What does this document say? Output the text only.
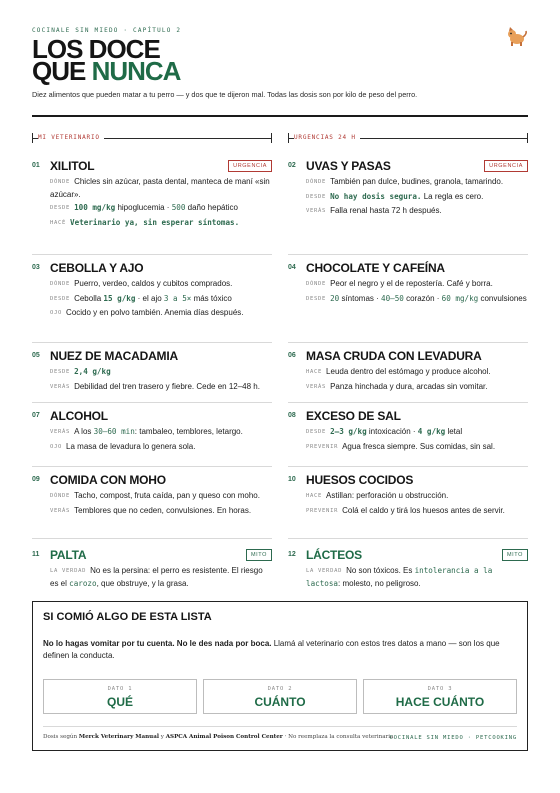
COCINALE SIN MIEDO · CAPÍTULO 2
LOS DOCE
QUE NUNCA
Diez alimentos que pueden matar a tu perro — y dos que te dijeron mal. Todas las dosis son por kilo de peso del perro.
MI VETERINARIO	URGENCIAS 24 H
01 XILITOL	URGENCIA
DÓNDE Chicles sin azúcar, pasta dental, manteca de maní «sin azúcar».
DESDE 100 mg/kg hipoglucemia · 500 daño hepático
HACÉ Veterinario ya, sin esperar síntomas.
02 UVAS Y PASAS	URGENCIA
DÓNDE También pan dulce, budines, granola, tamarindo.
DESDE No hay dosis segura. La regla es cero.
VERÁS Falla renal hasta 72 h después.
03 CEBOLLA Y AJO
DÓNDE Puerro, verdeo, caldos y cubitos comprados.
DESDE Cebolla 15 g/kg · el ajo 3 a 5× más tóxico
OJO Cocido y en polvo también. Anemia días después.
04 CHOCOLATE Y CAFEÍNA
DÓNDE Peor el negro y el de repostería. Café y borra.
DESDE 20 síntomas · 40–50 corazón · 60 mg/kg convulsiones
05 NUEZ DE MACADAMIA
DESDE 2,4 g/kg
VERÁS Debilidad del tren trasero y fiebre. Cede en 12–48 h.
06 MASA CRUDA CON LEVADURA
HACE Leuda dentro del estómago y produce alcohol.
VERÁS Panza hinchada y dura, arcadas sin vomitar.
07 ALCOHOL
VERÁS A los 30–60 min: tambaleo, temblores, letargo.
OJO La masa de levadura lo genera sola.
08 EXCESO DE SAL
DESDE 2–3 g/kg intoxicación · 4 g/kg letal
PREVENIR Agua fresca siempre. Sus comidas, sin sal.
09 COMIDA CON MOHO
DÓNDE Tacho, compost, fruta caída, pan y queso con moho.
VERÁS Temblores que no ceden, convulsiones. En horas.
10 HUESOS COCIDOS
HACE Astillan: perforación u obstrucción.
PREVENIR Colá el caldo y tirá los huesos antes de servir.
11 PALTA	MITO
LA VERDAD No es la persina: el perro es resistente. El riesgo es el carozo, que obstruye, y la grasa.
12 LÁCTEOS	MITO
LA VERDAD No son tóxicos. Es intolerancia a la lactosa: molesto, no peligroso.
SI COMIÓ ALGO DE ESTA LISTA
No lo hagas vomitar por tu cuenta. No le des nada por boca. Llamá al veterinario con estos tres datos a mano — son los que definen la conducta.
DATO 1
QUÉ
DATO 2
CUÁNTO
DATO 3
HACE CUÁNTO
Dosis según Merck Veterinary Manual y ASPCA Animal Poison Control Center · No reemplaza la consulta veterinaria.
COCINALE SIN MIEDO · PETCOOKING
